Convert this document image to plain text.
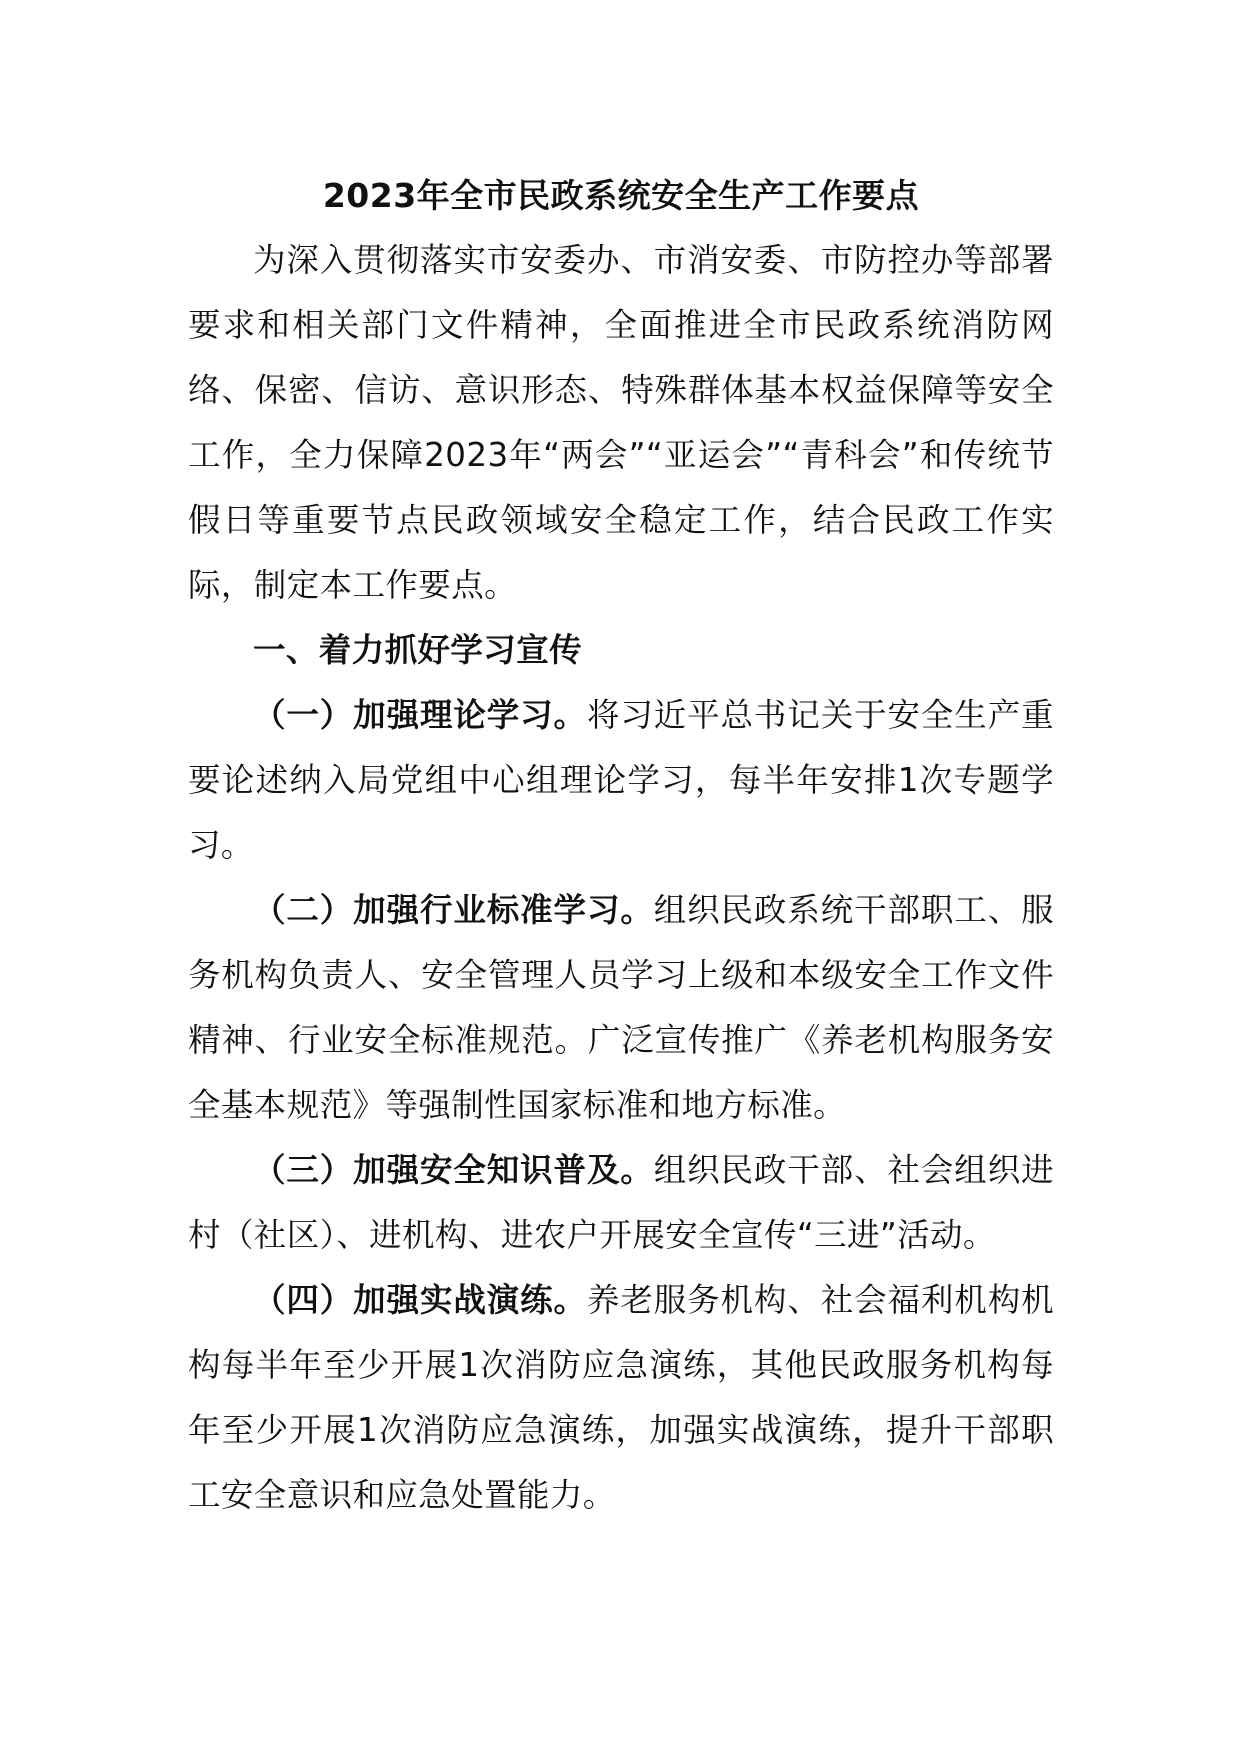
2023年全市民政系统安全生产工作要点

为深入贯彻落实市安委办、市消安委、市防控办等部署要求和相关部门文件精神，全面推进全市民政系统消防网络、保密、信访、意识形态、特殊群体基本权益保障等安全工作，全力保障2023年“两会”“亚运会”“青科会”和传统节假日等重要节点民政领域安全稳定工作，结合民政工作实际，制定本工作要点。

一、着力抓好学习宣传

（一）加强理论学习。将习近平总书记关于安全生产重要论述纳入局党组中心组理论学习，每半年安排1次专题学习。

（二）加强行业标准学习。组织民政系统干部职工、服务机构负责人、安全管理人员学习上级和本级安全工作文件精神、行业安全标准规范。广泛宣传推广《养老机构服务安全基本规范》等强制性国家标准和地方标准。

（三）加强安全知识普及。组织民政干部、社会组织进村（社区）、进机构、进农户开展安全宣传“三进”活动。

（四）加强实战演练。养老服务机构、社会福利机构机构每半年至少开展1次消防应急演练，其他民政服务机构每年至少开展1次消防应急演练，加强实战演练，提升干部职工安全意识和应急处置能力。
